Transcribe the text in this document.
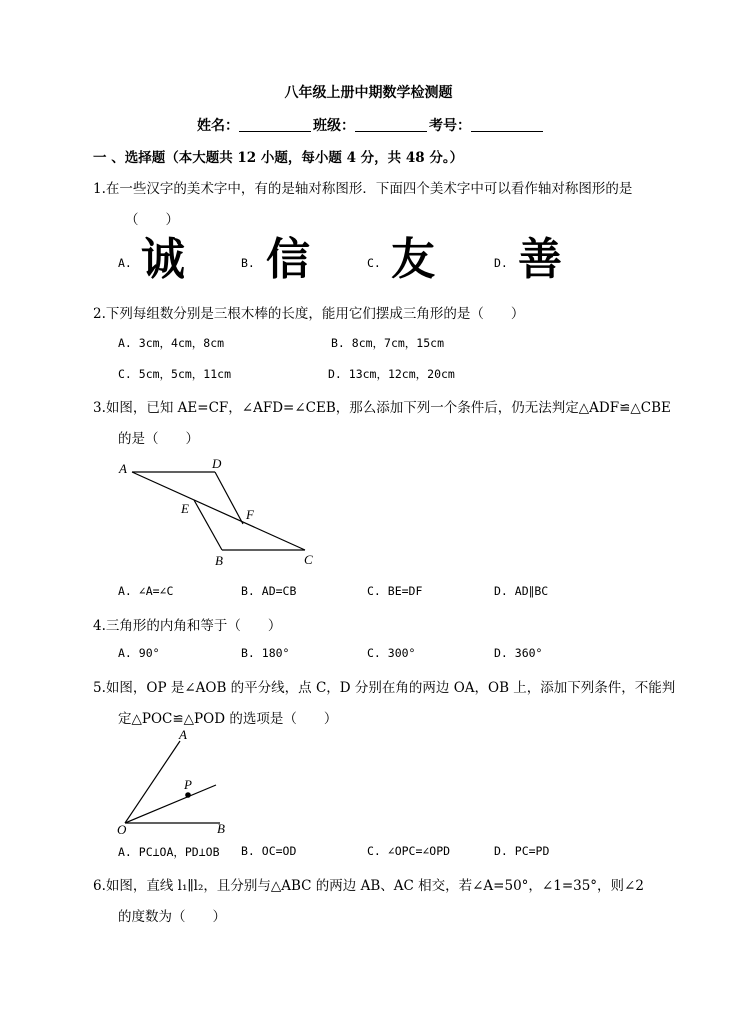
八年级上册中期数学检测题
姓名：	班级：	考号：
一 、选择题（本大题共 12 小题，每小题 4 分，共 48 分。）
1.在一些汉字的美术字中，有的是轴对称图形．下面四个美术字中可以看作轴对称图形的是
（　　）
A. 诚	B. 信	C. 友	D. 善
2.下列每组数分别是三根木棒的长度，能用它们摆成三角形的是（　　）
A. 3cm，4cm，8cm	B. 8cm，7cm，15cm
C. 5cm，5cm，11cm	D. 13cm，12cm，20cm
3.如图，已知 AE=CF，∠AFD=∠CEB，那么添加下列一个条件后，仍无法判定△ADF≌△CBE
的是（　　）
A	D
E	F
B	C
A. ∠A=∠C	B. AD=CB	C. BE=DF	D. AD∥BC
4.三角形的内角和等于（　　）
A. 90°	B. 180°	C. 300°	D. 360°
5.如图，OP 是∠AOB 的平分线，点 C，D 分别在角的两边 OA，OB 上，添加下列条件，不能判
定△POC≌△POD 的选项是（　　）
A
P
O	B
A. PC⊥OA，PD⊥OB B. OC=OD	C. ∠OPC=∠OPD	D. PC=PD
6.如图，直线 l₁∥l₂，且分别与△ABC 的两边 AB、AC 相交，若∠A=50°，∠1=35°，则∠2
的度数为（　　）
